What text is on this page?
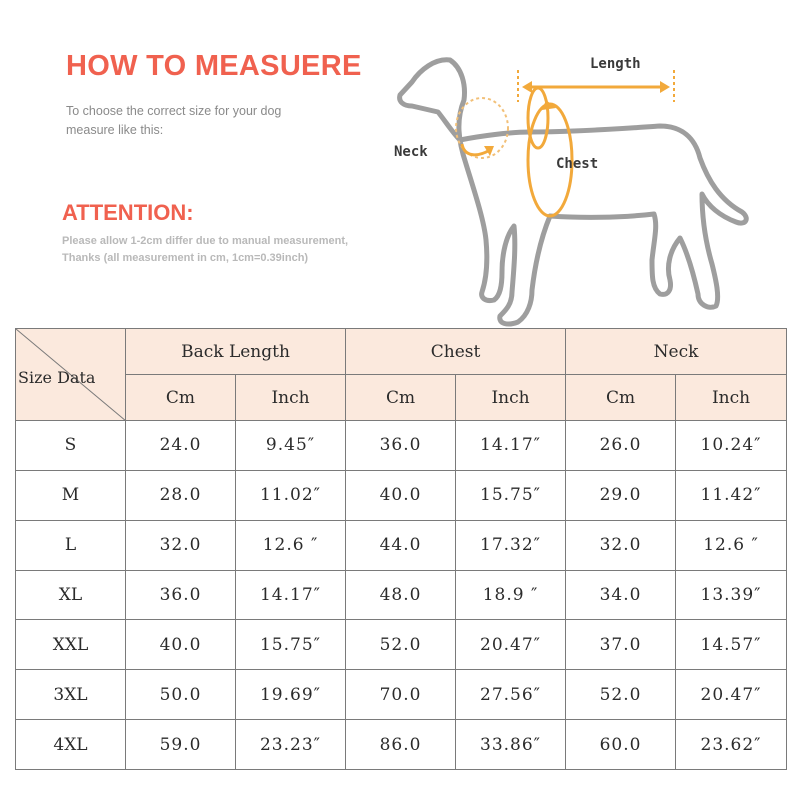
HOW TO MEASUERE
To choose the correct size for your dog
measure like this:
ATTENTION:
Please allow 1-2cm differ due to manual measurement,
Thanks (all measurement in cm, 1cm=0.39inch)
Length
Neck
Chest
Size Data	Back Length		Chest		Neck	
	Cm	Inch	Cm	Inch	Cm	Inch
S	24.0	9.45″	36.0	14.17″	26.0	10.24″
M	28.0	11.02″	40.0	15.75″	29.0	11.42″
L	32.0	12.6 ″	44.0	17.32″	32.0	12.6 ″
XL	36.0	14.17″	48.0	18.9 ″	34.0	13.39″
XXL	40.0	15.75″	52.0	20.47″	37.0	14.57″
3XL	50.0	19.69″	70.0	27.56″	52.0	20.47″
4XL	59.0	23.23″	86.0	33.86″	60.0	23.62″
